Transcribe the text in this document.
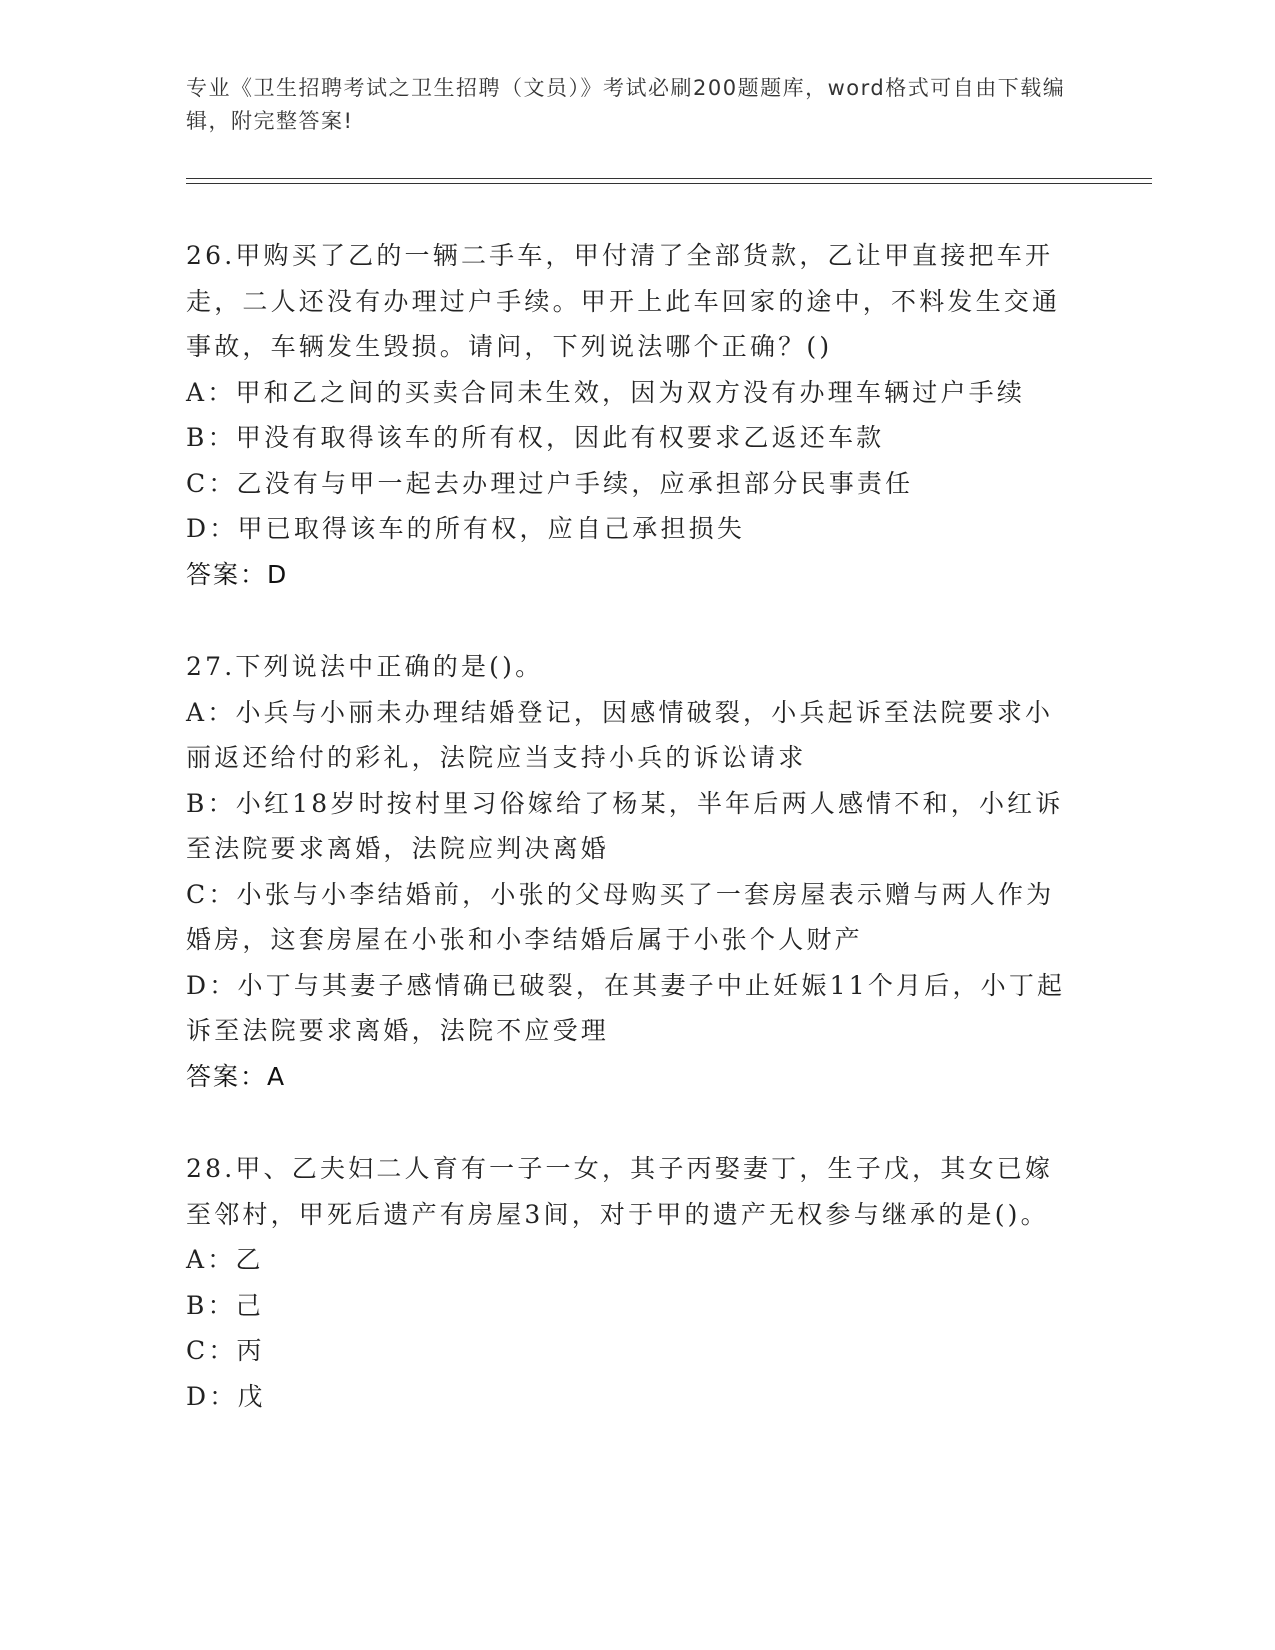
专业《卫生招聘考试之卫生招聘（文员）》考试必刷200题题库，word格式可自由下载编辑，附完整答案!

26.甲购买了乙的一辆二手车，甲付清了全部货款，乙让甲直接把车开走，二人还没有办理过户手续。甲开上此车回家的途中，不料发生交通事故，车辆发生毁损。请问，下列说法哪个正确？()

A：甲和乙之间的买卖合同未生效，因为双方没有办理车辆过户手续

B：甲没有取得该车的所有权，因此有权要求乙返还车款

C：乙没有与甲一起去办理过户手续，应承担部分民事责任

D：甲已取得该车的所有权，应自己承担损失

答案：D

27.下列说法中正确的是()。

A：小兵与小丽未办理结婚登记，因感情破裂，小兵起诉至法院要求小丽返还给付的彩礼，法院应当支持小兵的诉讼请求

B：小红18岁时按村里习俗嫁给了杨某，半年后两人感情不和，小红诉至法院要求离婚，法院应判决离婚

C：小张与小李结婚前，小张的父母购买了一套房屋表示赠与两人作为婚房，这套房屋在小张和小李结婚后属于小张个人财产

D：小丁与其妻子感情确已破裂，在其妻子中止妊娠11个月后，小丁起诉至法院要求离婚，法院不应受理

答案：A

28.甲、乙夫妇二人育有一子一女，其子丙娶妻丁，生子戊，其女已嫁至邻村，甲死后遗产有房屋3间，对于甲的遗产无权参与继承的是()。

A：乙

B：己

C：丙

D：戊
